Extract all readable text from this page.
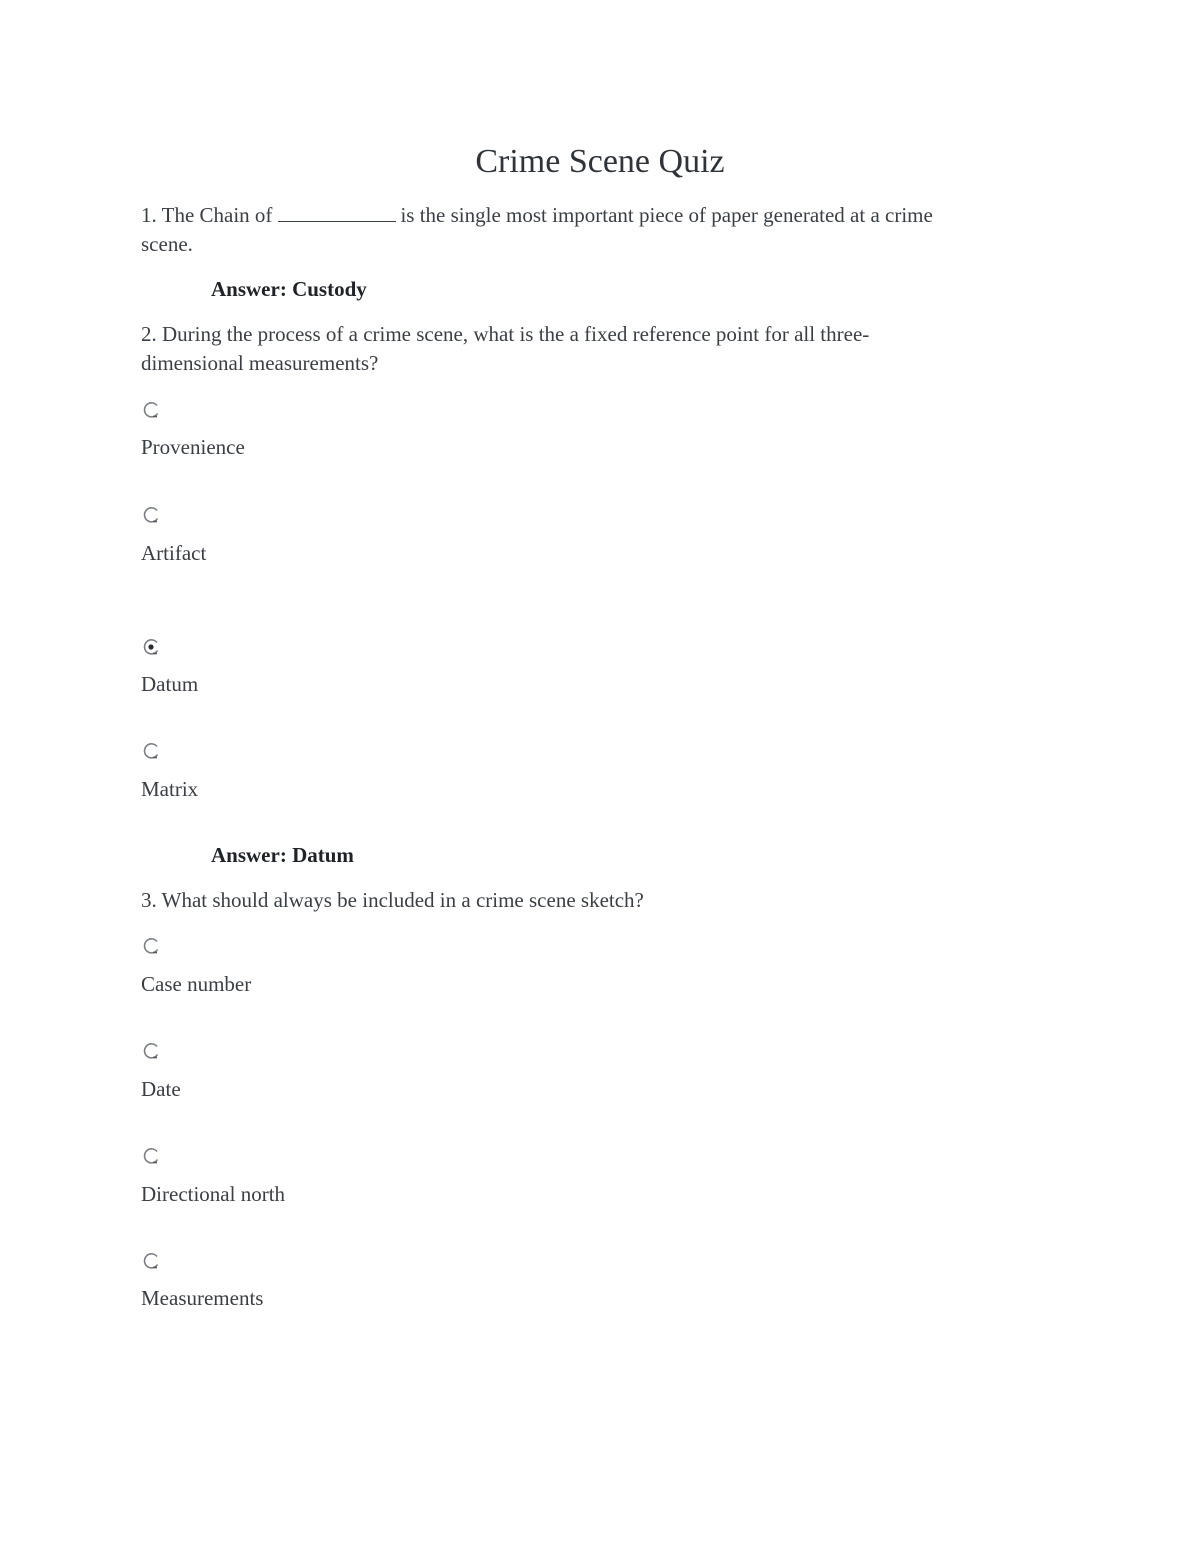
Crime Scene Quiz
1. The Chain of	is the single most important piece of paper generated at a crime
scene.
Answer: Custody
2. During the process of a crime scene, what is the a fixed reference point for all three-
dimensional measurements?
Provenience
Artifact
Datum
Matrix
Answer: Datum
3. What should always be included in a crime scene sketch?
Case number
Date
Directional north
Measurements
